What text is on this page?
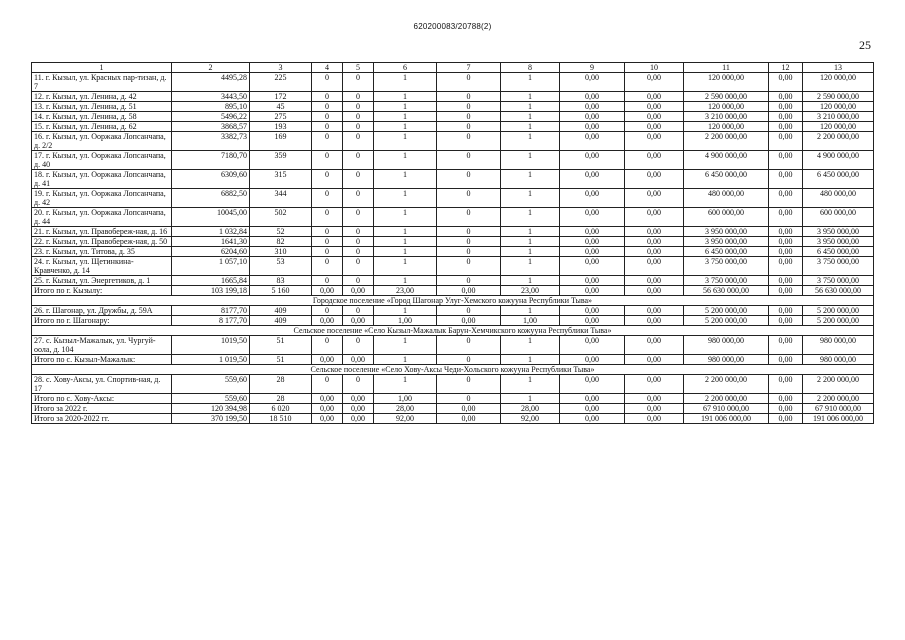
620200083/20788(2)
25
1	2	3	4	5	6	7	8	9	10	11	12	13
11. г. Кызыл, ул. Красных пар-тизан, д. 7	4495,28	225	0	0	1	0	1	0,00	0,00	120 000,00	0,00	120 000,00
12. г. Кызыл, ул. Ленина, д. 42	3443,50	172	0	0	1	0	1	0,00	0,00	2 590 000,00	0,00	2 590 000,00
13. г. Кызыл, ул. Ленина, д. 51	895,10	45	0	0	1	0	1	0,00	0,00	120 000,00	0,00	120 000,00
14. г. Кызыл, ул. Ленина, д. 58	5496,22	275	0	0	1	0	1	0,00	0,00	3 210 000,00	0,00	3 210 000,00
15. г. Кызыл, ул. Ленина, д. 62	3868,57	193	0	0	1	0	1	0,00	0,00	120 000,00	0,00	120 000,00
16. г. Кызыл, ул. Ооржака Лопсанчапа, д. 2/2	3382,73	169	0	0	1	0	1	0,00	0,00	2 200 000,00	0,00	2 200 000,00
17. г. Кызыл, ул. Ооржака Лопсанчапа, д. 40	7180,70	359	0	0	1	0	1	0,00	0,00	4 900 000,00	0,00	4 900 000,00
18. г. Кызыл, ул. Ооржака Лопсанчапа, д. 41	6309,60	315	0	0	1	0	1	0,00	0,00	6 450 000,00	0,00	6 450 000,00
19. г. Кызыл, ул. Ооржака Лопсанчапа, д. 42	6882,50	344	0	0	1	0	1	0,00	0,00	480 000,00	0,00	480 000,00
20. г. Кызыл, ул. Ооржака Лопсанчапа, д. 44	10045,00	502	0	0	1	0	1	0,00	0,00	600 000,00	0,00	600 000,00
21. г. Кызыл, ул. Правобереж-ная, д. 16	1 032,84	52	0	0	1	0	1	0,00	0,00	3 950 000,00	0,00	3 950 000,00
22. г. Кызыл, ул. Правобереж-ная, д. 50	1641,30	82	0	0	1	0	1	0,00	0,00	3 950 000,00	0,00	3 950 000,00
23. г. Кызыл, ул. Титова, д. 35	6204,60	310	0	0	1	0	1	0,00	0,00	6 450 000,00	0,00	6 450 000,00
24. г. Кызыл, ул. Щетинкина-Кравченко, д. 14	1 057,10	53	0	0	1	0	1	0,00	0,00	3 750 000,00	0,00	3 750 000,00
25. г. Кызыл, ул. Энергетиков, д. 1	1665,84	83	0	0	1	0	1	0,00	0,00	3 750 000,00	0,00	3 750 000,00
Итого по г. Кызылу:	103 199,18	5 160	0,00	0,00	23,00	0,00	23,00	0,00	0,00	56 630 000,00	0,00	56 630 000,00
Городское поселение «Город Шагонар Улуг-Хемского кожууна Республики Тыва»												
26. г. Шагонар, ул. Дружбы, д. 59А	8177,70	409	0	0	1	0	1	0,00	0,00	5 200 000,00	0,00	5 200 000,00
Итого по г. Шагонару:	8 177,70	409	0,00	0,00	1,00	0,00	1,00	0,00	0,00	5 200 000,00	0,00	5 200 000,00
Сельское поселение «Село Кызыл-Мажалык Барун-Хемчикского кожууна Республики Тыва»												
27. с. Кызыл-Мажалык, ул. Чургуй-оола, д. 104	1019,50	51	0	0	1	0	1	0,00	0,00	980 000,00	0,00	980 000,00
Итого по с. Кызыл-Мажалык:	1 019,50	51	0,00	0,00	1	0	1	0,00	0,00	980 000,00	0,00	980 000,00
Сельское поселение «Село Хову-Аксы Чеди-Хольского кожууна Республики Тыва»												
28. с. Хову-Аксы, ул. Спортив-ная, д. 17	559,60	28	0	0	1	0	1	0,00	0,00	2 200 000,00	0,00	2 200 000,00
Итого по с. Хову-Аксы:	559,60	28	0,00	0,00	1,00	0	1	0,00	0,00	2 200 000,00	0,00	2 200 000,00
Итого за 2022 г.	120 394,98	6 020	0,00	0,00	28,00	0,00	28,00	0,00	0,00	67 910 000,00	0,00	67 910 000,00
Итого за 2020-2022 гг.	370 199,50	18 510	0,00	0,00	92,00	0,00	92,00	0,00	0,00	191 006 000,00	0,00	191 006 000,00
